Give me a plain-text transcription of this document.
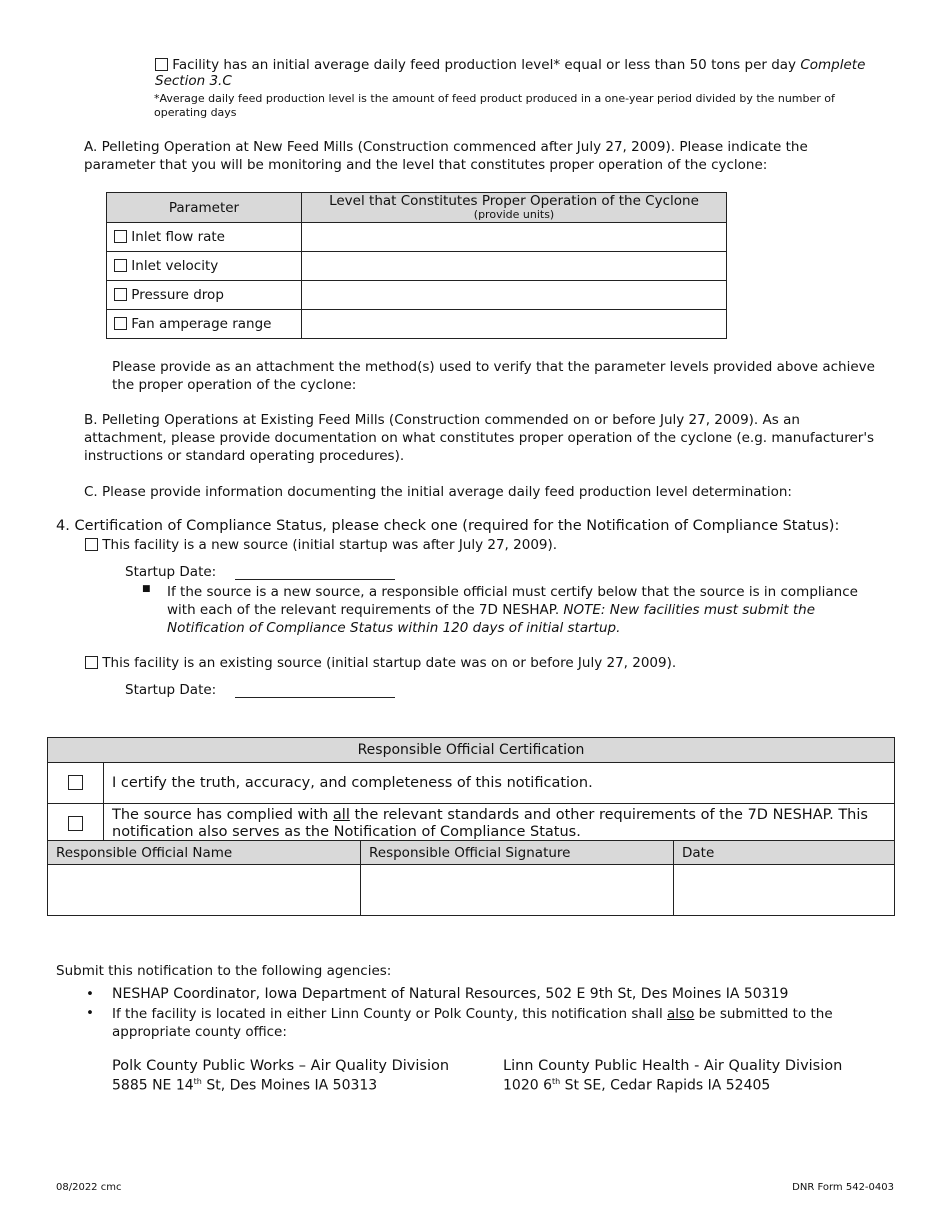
Facility has an initial average daily feed production level* equal or less than 50 tons per day Complete Section 3.C
*Average daily feed production level is the amount of feed product produced in a one-year period divided by the number of operating days
A. Pelleting Operation at New Feed Mills (Construction commenced after July 27, 2009). Please indicate the parameter that you will be monitoring and the level that constitutes proper operation of the cyclone:
Parameter	Level that Constitutes Proper Operation of the Cyclone
(provide units)

Inlet flow rate	
Inlet velocity	
Pressure drop	
Fan amperage range	
Please provide as an attachment the method(s) used to verify that the parameter levels provided above achieve the proper operation of the cyclone:
B. Pelleting Operations at Existing Feed Mills (Construction commended on or before July 27, 2009). As an attachment, please provide documentation on what constitutes proper operation of the cyclone (e.g. manufacturer's instructions or standard operating procedures).
C. Please provide information documenting the initial average daily feed production level determination:
4. Certification of Compliance Status, please check one (required for the Notification of Compliance Status):
This facility is a new source (initial startup was after July 27, 2009).
Startup Date:
■ If the source is a new source, a responsible official must certify below that the source is in compliance with each of the relevant requirements of the 7D NESHAP. NOTE: New facilities must submit the Notification of Compliance Status within 120 days of initial startup.
This facility is an existing source (initial startup date was on or before July 27, 2009).
Startup Date:
Responsible Official Certification	
	I certify the truth, accuracy, and completeness of this notification.
	The source has complied with all the relevant standards and other requirements of the 7D NESHAP. This notification also serves as the Notification of Compliance Status.
Responsible Official Name	Responsible Official Signature	Date

Submit this notification to the following agencies:
• NESHAP Coordinator, Iowa Department of Natural Resources, 502 E 9th St, Des Moines IA 50319
• If the facility is located in either Linn County or Polk County, this notification shall also be submitted to the appropriate county office:
Polk County Public Works – Air Quality Division
5885 NE 14th St, Des Moines IA 50313
Linn County Public Health - Air Quality Division
1020 6th St SE, Cedar Rapids IA 52405
08/2022 cmc	DNR Form 542-0403
